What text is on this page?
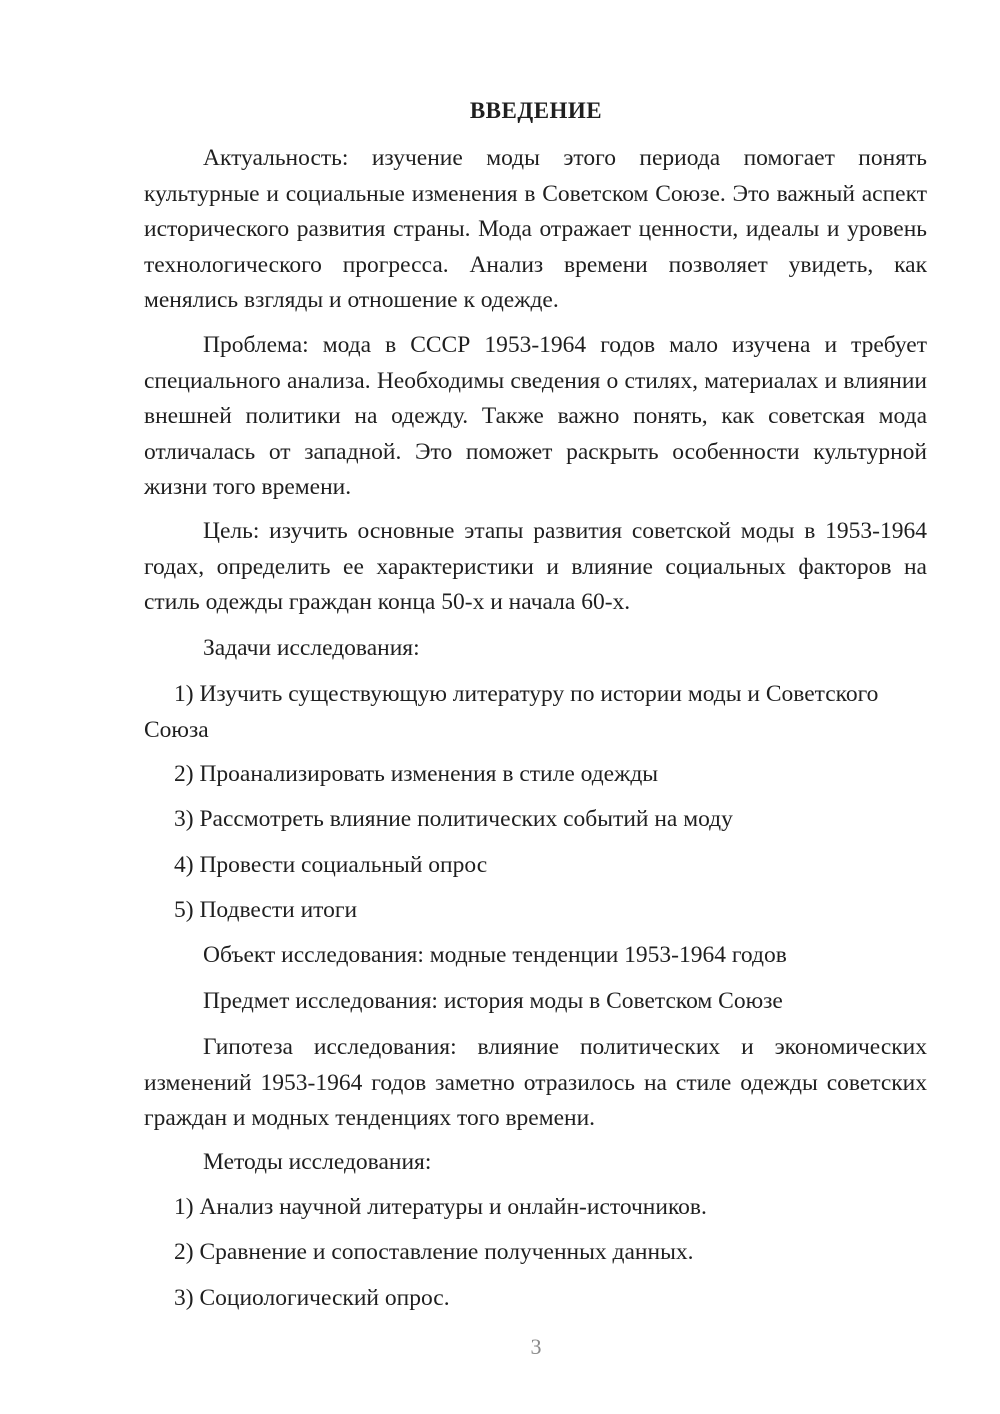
ВВЕДЕНИЕ

Актуальность: изучение моды этого периода помогает понять культурные и социальные изменения в Советском Союзе. Это важный аспект исторического развития страны. Мода отражает ценности, идеалы и уровень технологического прогресса. Анализ времени позволяет увидеть, как менялись взгляды и отношение к одежде.

Проблема: мода в СССР 1953-1964 годов мало изучена и требует специального анализа. Необходимы сведения о стилях, материалах и влиянии внешней политики на одежду. Также важно понять, как советская мода отличалась от западной. Это поможет раскрыть особенности культурной жизни того времени.

Цель: изучить основные этапы развития советской моды в 1953-1964 годах, определить ее характеристики и влияние социальных факторов на стиль одежды граждан конца 50-х и начала 60-х.

Задачи исследования:

1) Изучить существующую литературу по истории моды и Советского Союза

2) Проанализировать изменения в стиле одежды
3) Рассмотреть влияние политических событий на моду
4) Провести социальный опрос
5) Подвести итоги
Объект исследования: модные тенденции 1953-1964 годов
Предмет исследования: история моды в Советском Союзе

Гипотеза исследования: влияние политических и экономических изменений 1953-1964 годов заметно отразилось на стиле одежды советских граждан и модных тенденциях того времени.

Методы исследования:
1) Анализ научной литературы и онлайн-источников.
2) Сравнение и сопоставление полученных данных.
3) Социологический опрос.
3
